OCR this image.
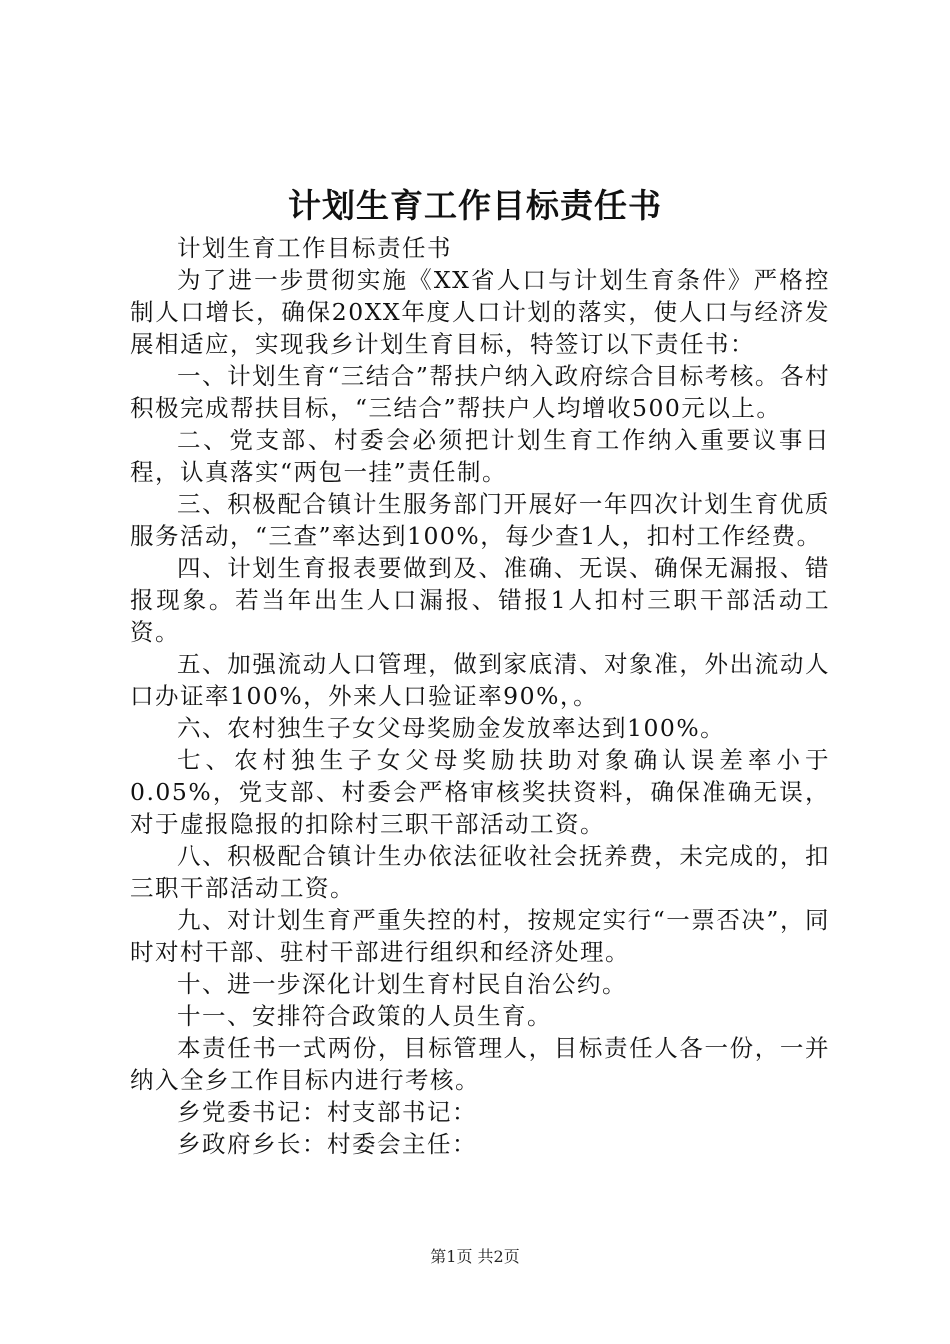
计划生育工作目标责任书

计划生育工作目标责任书

为了进一步贯彻实施《XX省人口与计划生育条件》严格控制人口增长，确保20XX年度人口计划的落实，使人口与经济发展相适应，实现我乡计划生育目标，特签订以下责任书：

一、计划生育“三结合”帮扶户纳入政府综合目标考核。各村积极完成帮扶目标，“三结合”帮扶户人均增收500元以上。

二、党支部、村委会必须把计划生育工作纳入重要议事日程，认真落实“两包一挂”责任制。

三、积极配合镇计生服务部门开展好一年四次计划生育优质服务活动，“三查”率达到100%，每少查1人，扣村工作经费。

四、计划生育报表要做到及、准确、无误、确保无漏报、错报现象。若当年出生人口漏报、错报1人扣村三职干部活动工资。

五、加强流动人口管理，做到家底清、对象准，外出流动人口办证率100%，外来人口验证率90%，。

六、农村独生子女父母奖励金发放率达到100%。

七、农村独生子女父母奖励扶助对象确认误差率小于0.05%，党支部、村委会严格审核奖扶资料，确保准确无误，对于虚报隐报的扣除村三职干部活动工资。

八、积极配合镇计生办依法征收社会抚养费，未完成的，扣三职干部活动工资。

九、对计划生育严重失控的村，按规定实行“一票否决”，同时对村干部、驻村干部进行组织和经济处理。

十、进一步深化计划生育村民自治公约。

十一、安排符合政策的人员生育。

本责任书一式两份，目标管理人，目标责任人各一份，一并纳入全乡工作目标内进行考核。

乡党委书记：村支部书记：

乡政府乡长：村委会主任：

第1页 共2页
